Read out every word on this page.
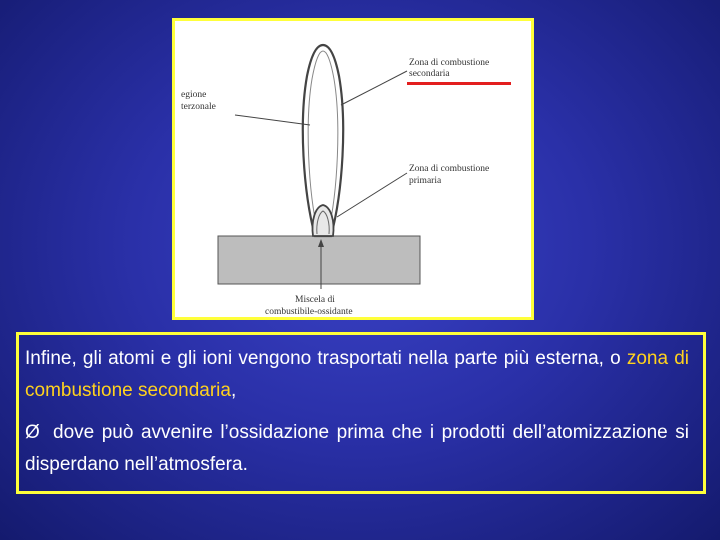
Zona di combustione
secondaria
egione
terzonale
Zona di combustione
primaria
Miscela di
combustibile-ossidante

Infine, gli atomi e gli ioni vengono trasportati nella parte più esterna, o zona di combustione secondaria,

Ø dove può avvenire l’ossidazione prima che i prodotti dell’atomizzazione si disperdano nell’atmosfera.
